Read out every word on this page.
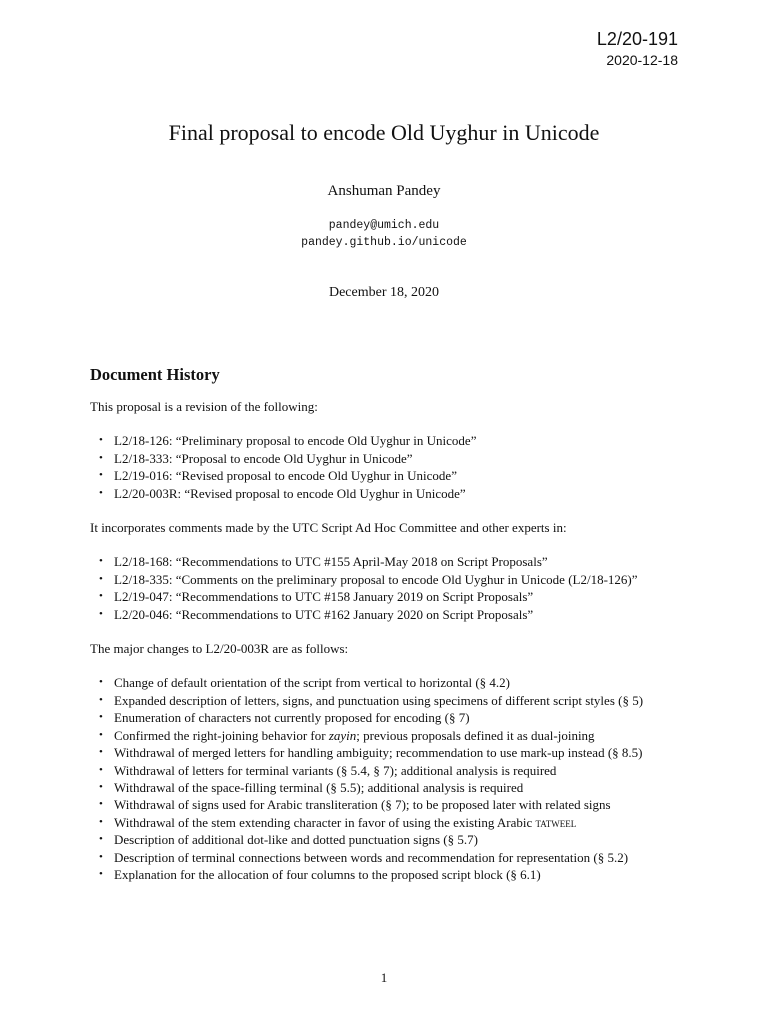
L2/20-191
2020-12-18
Final proposal to encode Old Uyghur in Unicode
Anshuman Pandey
pandey@umich.edu
pandey.github.io/unicode
December 18, 2020
Document History

This proposal is a revision of the following:

• L2/18-126: “Preliminary proposal to encode Old Uyghur in Unicode”
• L2/18-333: “Proposal to encode Old Uyghur in Unicode”
• L2/19-016: “Revised proposal to encode Old Uyghur in Unicode”
• L2/20-003R: “Revised proposal to encode Old Uyghur in Unicode”

It incorporates comments made by the UTC Script Ad Hoc Committee and other experts in:

• L2/18-168: “Recommendations to UTC #155 April-May 2018 on Script Proposals”
• L2/18-335: “Comments on the preliminary proposal to encode Old Uyghur in Unicode (L2/18-126)”
• L2/19-047: “Recommendations to UTC #158 January 2019 on Script Proposals”
• L2/20-046: “Recommendations to UTC #162 January 2020 on Script Proposals”

The major changes to L2/20-003R are as follows:

• Change of default orientation of the script from vertical to horizontal (§ 4.2)
• Expanded description of letters, signs, and punctuation using specimens of different script styles (§ 5)
• Enumeration of characters not currently proposed for encoding (§ 7)
• Confirmed the right-joining behavior for zayin; previous proposals defined it as dual-joining
• Withdrawal of merged letters for handling ambiguity; recommendation to use mark-up instead (§ 8.5)
• Withdrawal of letters for terminal variants (§ 5.4, § 7); additional analysis is required
• Withdrawal of the space-filling terminal (§ 5.5); additional analysis is required
• Withdrawal of signs used for Arabic transliteration (§ 7); to be proposed later with related signs
• Withdrawal of the stem extending character in favor of using the existing Arabic tatweel
• Description of additional dot-like and dotted punctuation signs (§ 5.7)
• Description of terminal connections between words and recommendation for representation (§ 5.2)
• Explanation for the allocation of four columns to the proposed script block (§ 6.1)
1
